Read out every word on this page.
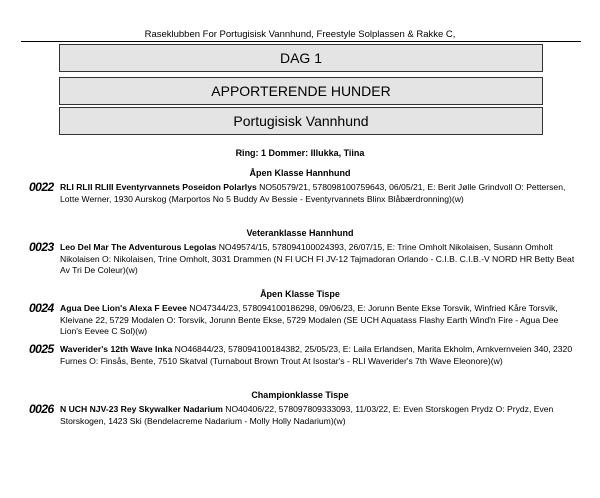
Raseklubben For Portugisisk Vannhund, Freestyle Solplassen & Rakke C,
DAG 1
APPORTERENDE HUNDER
Portugisisk Vannhund
Ring: 1 Dommer: Illukka, Tiina
Åpen Klasse Hannhund
0022 RLI RLII RLIII Eventyrvannets Poseidon Polarlys NO50579/21, 578098100759643, 06/05/21, E: Berit Jølle Grindvoll O: Pettersen, Lotte Werner, 1930 Aurskog (Marportos No 5 Buddy Av Bessie - Eventyrvannets Blinx Blåbærdronning)(w)
Veteranklasse Hannhund
0023 Leo Del Mar The Adventurous Legolas NO49574/15, 578094100024393, 26/07/15, E: Trine Omholt Nikolaisen, Susann Omholt Nikolaisen O: Nikolaisen, Trine Omholt, 3031 Drammen (N FI UCH FI JV-12 Tajmadoran Orlando - C.I.B. C.I.B.-V NORD HR Betty Beat Av Tri De Coleur)(w)
Åpen Klasse Tispe
0024 Agua Dee Lion's Alexa F Eevee NO47344/23, 578094100186298, 09/06/23, E: Jorunn Bente Ekse Torsvik, Winfried Kåre Torsvik, Kleivane 22, 5729 Modalen O: Torsvik, Jorunn Bente Ekse, 5729 Modalen (SE UCH Aquatass Flashy Earth Wind'n Fire - Agua Dee Lion's Eevee C Sol)(w)
0025 Waverider's 12th Wave Inka NO46844/23, 578094100184382, 25/05/23, E: Laila Erlandsen, Marita Ekholm, Arnkvernveien 340, 2320 Furnes O: Finsås, Bente, 7510 Skatval (Turnabout Brown Trout At Isostar's - RLI Waverider's 7th Wave Eleonore)(w)
Championklasse Tispe
0026 N UCH NJV-23 Rey Skywalker Nadarium NO40406/22, 578097809333093, 11/03/22, E: Even Storskogen Prydz O: Prydz, Even Storskogen, 1423 Ski (Bendelacreme Nadarium - Molly Holly Nadarium)(w)
